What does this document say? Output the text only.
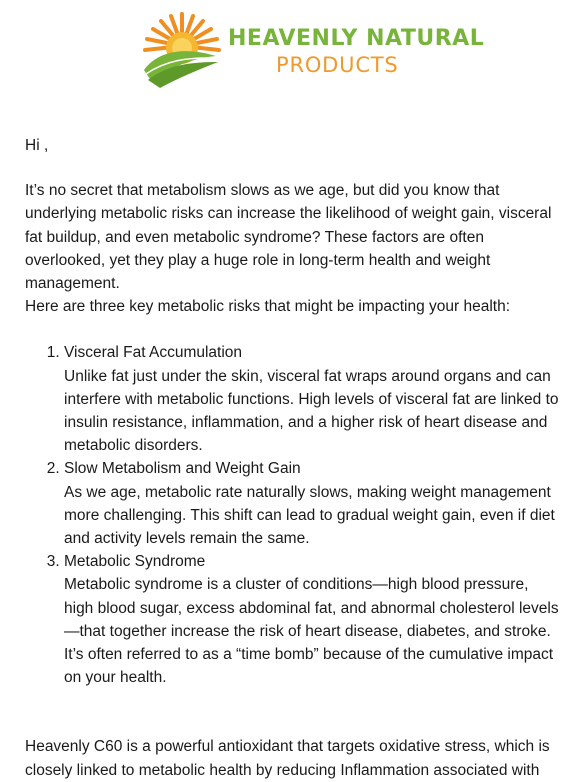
HEAVENLY NATURAL
PRODUCTS

Hi ,

It’s no secret that metabolism slows as we age, but did you know that underlying metabolic risks can increase the likelihood of weight gain, visceral fat buildup, and even metabolic syndrome? These factors are often overlooked, yet they play a huge role in long-term health and weight management.

Here are three key metabolic risks that might be impacting your health:

1. Visceral Fat Accumulation
Unlike fat just under the skin, visceral fat wraps around organs and can interfere with metabolic functions. High levels of visceral fat are linked to insulin resistance, inflammation, and a higher risk of heart disease and metabolic disorders.
2. Slow Metabolism and Weight Gain
As we age, metabolic rate naturally slows, making weight management more challenging. This shift can lead to gradual weight gain, even if diet and activity levels remain the same.
3. Metabolic Syndrome
Metabolic syndrome is a cluster of conditions—high blood pressure, high blood sugar, excess abdominal fat, and abnormal cholesterol levels—that together increase the risk of heart disease, diabetes, and stroke. It’s often referred to as a “time bomb” because of the cumulative impact on your health.

Heavenly C60 is a powerful antioxidant that targets oxidative stress, which is closely linked to metabolic health by reducing Inflammation associated with
